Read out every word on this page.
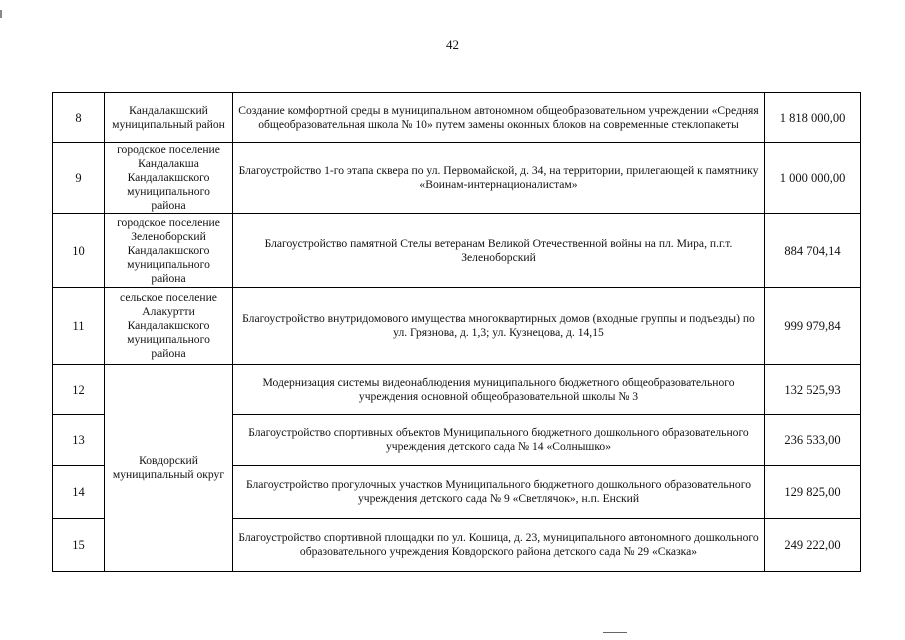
42
8	Кандалакшский муниципальный район	Создание комфортной среды в муниципальном автономном общеобразовательном учреждении «Средняя общеобразовательная школа № 10» путем замены оконных блоков на современные стеклопакеты	1 818 000,00
9	городское поселение Кандалакша Кандалакшского муниципального района	Благоустройство 1-го этапа сквера по ул. Первомайской, д. 34, на территории, прилегающей к памятнику «Воинам-интернационалистам»	1 000 000,00
10	городское поселение Зеленоборский Кандалакшского муниципального района	Благоустройство памятной Стелы ветеранам Великой Отечественной войны на пл. Мира, п.г.т. Зеленоборский	884 704,14
11	сельское поселение Алакуртти Кандалакшского муниципального района	Благоустройство внутридомового имущества многоквартирных домов (входные группы и подъезды) по ул. Грязнова, д. 1,3; ул. Кузнецова, д. 14,15	999 979,84
12	Ковдорский муниципальный округ	Модернизация системы видеонаблюдения муниципального бюджетного общеобразовательного учреждения основной общеобразовательной школы № 3	132 525,93
13		Благоустройство спортивных объектов Муниципального бюджетного дошкольного образовательного учреждения детского сада № 14 «Солнышко»	236 533,00
14		Благоустройство прогулочных участков Муниципального бюджетного дошкольного образовательного учреждения детского сада № 9 «Светлячок», н.п. Енский	129 825,00
15		Благоустройство спортивной площадки по ул. Кошица, д. 23, муниципального автономного дошкольного образовательного учреждения Ковдорского района детского сада № 29 «Сказка»	249 222,00
